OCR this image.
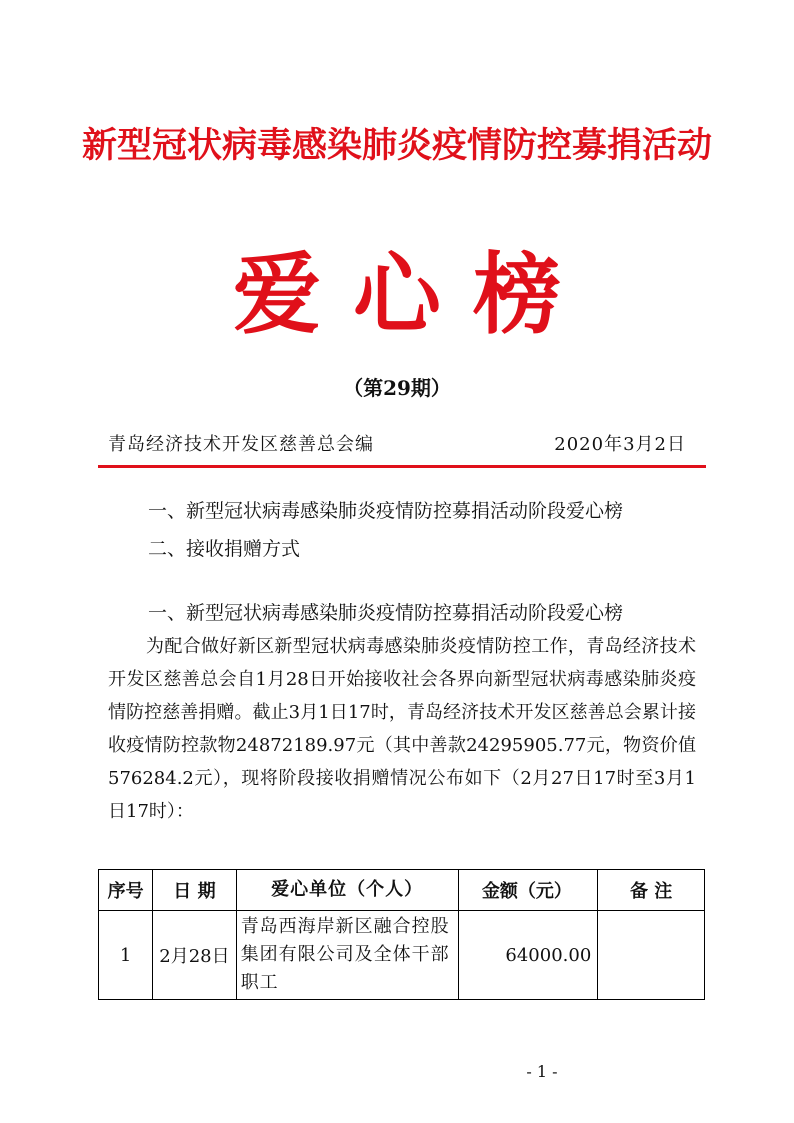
新型冠状病毒感染肺炎疫情防控募捐活动
爱心榜
（第29期）
青岛经济技术开发区慈善总会编	2020年3月2日
一、新型冠状病毒感染肺炎疫情防控募捐活动阶段爱心榜
二、接收捐赠方式
一、新型冠状病毒感染肺炎疫情防控募捐活动阶段爱心榜
为配合做好新区新型冠状病毒感染肺炎疫情防控工作，青岛经济技术开发区慈善总会自1月28日开始接收社会各界向新型冠状病毒感染肺炎疫情防控慈善捐赠。截止3月1日17时，青岛经济技术开发区慈善总会累计接收疫情防控款物24872189.97元（其中善款24295905.77元，物资价值576284.2元），现将阶段接收捐赠情况公布如下（2月27日17时至3月1日17时）：
序号	日 期	爱心单位（个人）	金额（元）	备 注
1	2月28日	青岛西海岸新区融合控股集团有限公司及全体干部职工	64000.00	
- 1 -
